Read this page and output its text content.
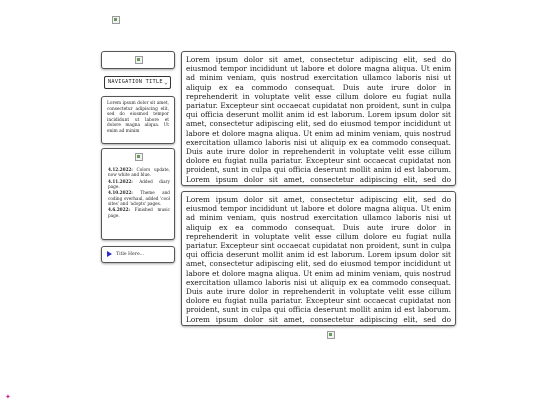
NAVIGATION TITLE ⌄

Lorem ipsum dolor sit amet, consectetur adipiscing elit, sed do eiusmod tempor incididunt ut labore et dolore magna aliqua. Ut enim ad minim

4.12.2022: Colors update, now white and blue.
4.11.2022: Added diary page.
4.10.2022: Theme and coding overhaul, added 'cool sites' and 'adopts' pages.
4.6.2022: Finished music page.
Title Here...

Lorem ipsum dolor sit amet, consectetur adipiscing elit, sed do eiusmod tempor incididunt ut labore et dolore magna aliqua. Ut enim ad minim veniam, quis nostrud exercitation ullamco laboris nisi ut aliquip ex ea commodo consequat. Duis aute irure dolor in reprehenderit in voluptate velit esse cillum dolore eu fugiat nulla pariatur. Excepteur sint occaecat cupidatat non proident, sunt in culpa qui officia deserunt mollit anim id est laborum. Lorem ipsum dolor sit amet, consectetur adipiscing elit, sed do eiusmod tempor incididunt ut labore et dolore magna aliqua. Ut enim ad minim veniam, quis nostrud exercitation ullamco laboris nisi ut aliquip ex ea commodo consequat. Duis aute irure dolor in reprehenderit in voluptate velit esse cillum dolore eu fugiat nulla pariatur. Excepteur sint occaecat cupidatat non proident, sunt in culpa qui officia deserunt mollit anim id est laborum. Lorem ipsum dolor sit amet, consectetur adipiscing elit, sed do

Lorem ipsum dolor sit amet, consectetur adipiscing elit, sed do eiusmod tempor incididunt ut labore et dolore magna aliqua. Ut enim ad minim veniam, quis nostrud exercitation ullamco laboris nisi ut aliquip ex ea commodo consequat. Duis aute irure dolor in reprehenderit in voluptate velit esse cillum dolore eu fugiat nulla pariatur. Excepteur sint occaecat cupidatat non proident, sunt in culpa qui officia deserunt mollit anim id est laborum. Lorem ipsum dolor sit amet, consectetur adipiscing elit, sed do eiusmod tempor incididunt ut labore et dolore magna aliqua. Ut enim ad minim veniam, quis nostrud exercitation ullamco laboris nisi ut aliquip ex ea commodo consequat. Duis aute irure dolor in reprehenderit in voluptate velit esse cillum dolore eu fugiat nulla pariatur. Excepteur sint occaecat cupidatat non proident, sunt in culpa qui officia deserunt mollit anim id est laborum. Lorem ipsum dolor sit amet, consectetur adipiscing elit, sed do

✦
